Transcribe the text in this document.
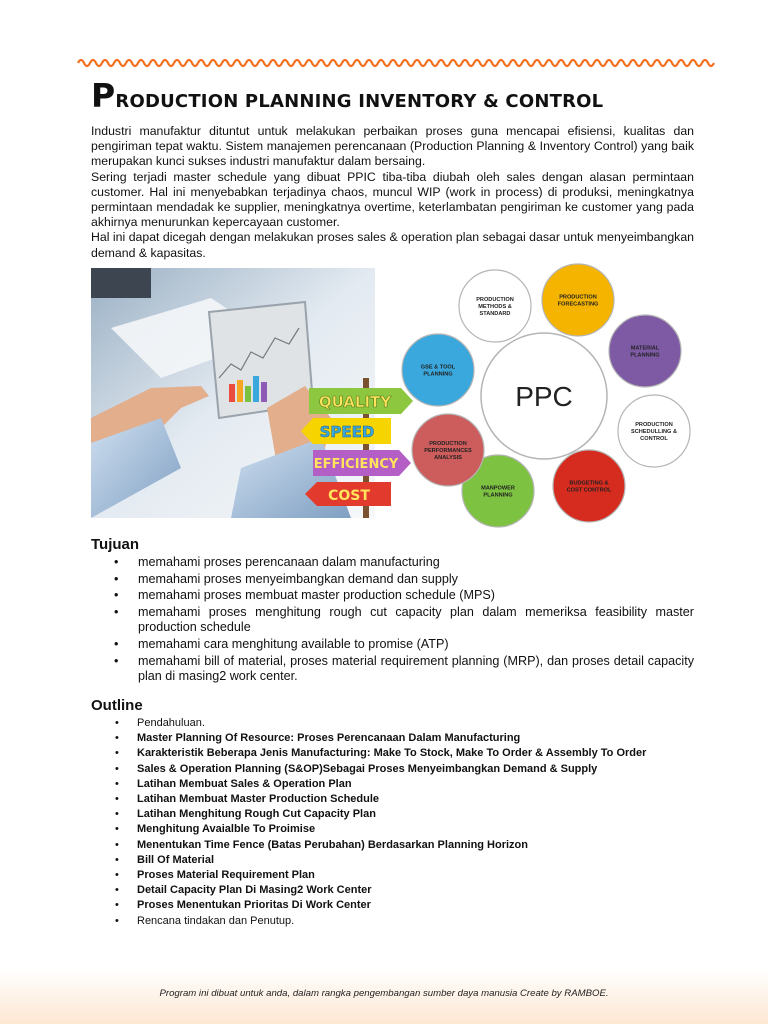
PRODUCTION PLANNING INVENTORY & CONTROL

Industri manufaktur dituntut untuk melakukan perbaikan proses guna mencapai efisiensi, kualitas dan pengiriman tepat waktu. Sistem manajemen perencanaan (Production Planning & Inventory Control) yang baik merupakan kunci sukses industri manufaktur dalam bersaing.

Sering terjadi master schedule yang dibuat PPIC tiba-tiba diubah oleh sales dengan alasan permintaan customer. Hal ini menyebabkan terjadinya chaos, muncul WIP (work in process) di produksi, meningkatnya permintaan mendadak ke supplier, meningkatnya overtime, keterlambatan pengiriman ke customer yang pada akhirnya menurunkan kepercayaan customer.

Hal ini dapat dicegah dengan melakukan proses sales & operation plan sebagai dasar untuk menyeimbangkan demand & kapasitas.

QUALITY
SPEED
EFFICIENCY
COST
PPC
PRODUCTION
METHODS &
STANDARD
PRODUCTION
FORECASTING
MATERIAL
PLANNING
PRODUCTION
SCHEDULLING &
CONTROL
BUDGETING &
COST CONTROL
MANPOWER
PLANNING
PRODUCTION
PERFORMANCES
ANALYSIS
GSE & TOOL
PLANNING
Tujuan
• memahami proses perencanaan dalam manufacturing
• memahami proses menyeimbangkan demand dan supply
• memahami proses membuat master production schedule (MPS)
• memahami proses menghitung rough cut capacity plan dalam memeriksa feasibility master production schedule
• memahami cara menghitung available to promise (ATP)
• memahami bill of material, proses material requirement planning (MRP), dan proses detail capacity plan di masing2 work center.
Outline
• Pendahuluan.
• Master Planning Of Resource: Proses Perencanaan Dalam Manufacturing
• Karakteristik Beberapa Jenis Manufacturing: Make To Stock, Make To Order & Assembly To Order
• Sales & Operation Planning (S&OP)Sebagai Proses Menyeimbangkan Demand & Supply
• Latihan Membuat Sales & Operation Plan
• Latihan Membuat Master Production Schedule
• Latihan Menghitung Rough Cut Capacity Plan
• Menghitung Avaialble To Proimise
• Menentukan Time Fence (Batas Perubahan) Berdasarkan Planning Horizon
• Bill Of Material
• Proses Material Requirement Plan
• Detail Capacity Plan Di Masing2 Work Center
• Proses Menentukan Prioritas Di Work Center
• Rencana tindakan dan Penutup.
Program ini dibuat untuk anda, dalam rangka pengembangan sumber daya manusia Create by RAMBOE.
